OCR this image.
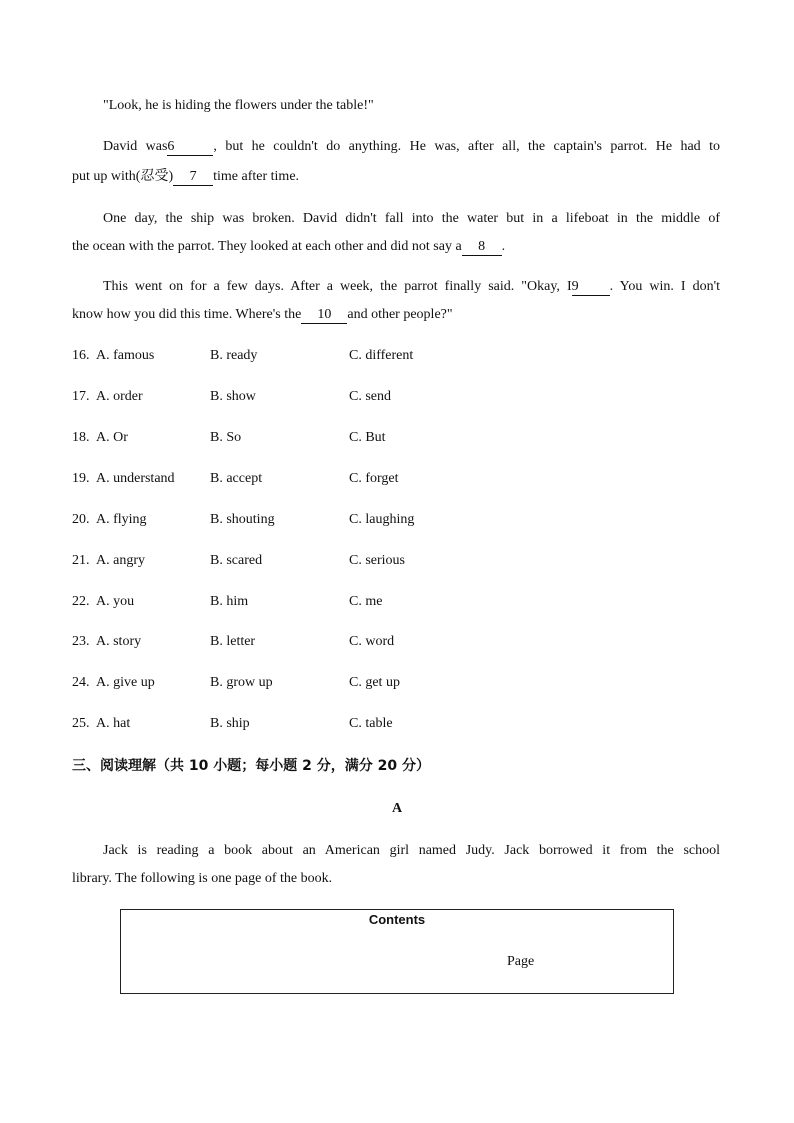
"Look, he is hiding the flowers under the table!"
David was6	, but he couldn't do anything. He was, after all, the captain's parrot. He had to
put up with(忍受) 7 time after time.
One day, the ship was broken. David didn't fall into the water but in a lifeboat in the middle of
the ocean with the parrot. They looked at each other and did not say a 8 .
This went on for a few days. After a week, the parrot finally said. "Okay, I9 . You win. I don't
know how you did this time. Where's the 10 and other people?"
16. A. famous	B. ready	C. different
17. A. order	B. show	C. send
18. A. Or	B. So	C. But
19. A. understand	B. accept	C. forget
20. A. flying	B. shouting	C. laughing
21. A. angry	B. scared	C. serious
22. A. you	B. him	C. me
23. A. story	B. letter	C. word
24. A. give up	B. grow up	C. get up
25. A. hat	B. ship	C. table
三、阅读理解（共 10 小题；每小题 2 分，满分 20 分）
A
Jack is reading a book about an American girl named Judy. Jack borrowed it from the school
library. The following is one page of the book.
Contents
Page
